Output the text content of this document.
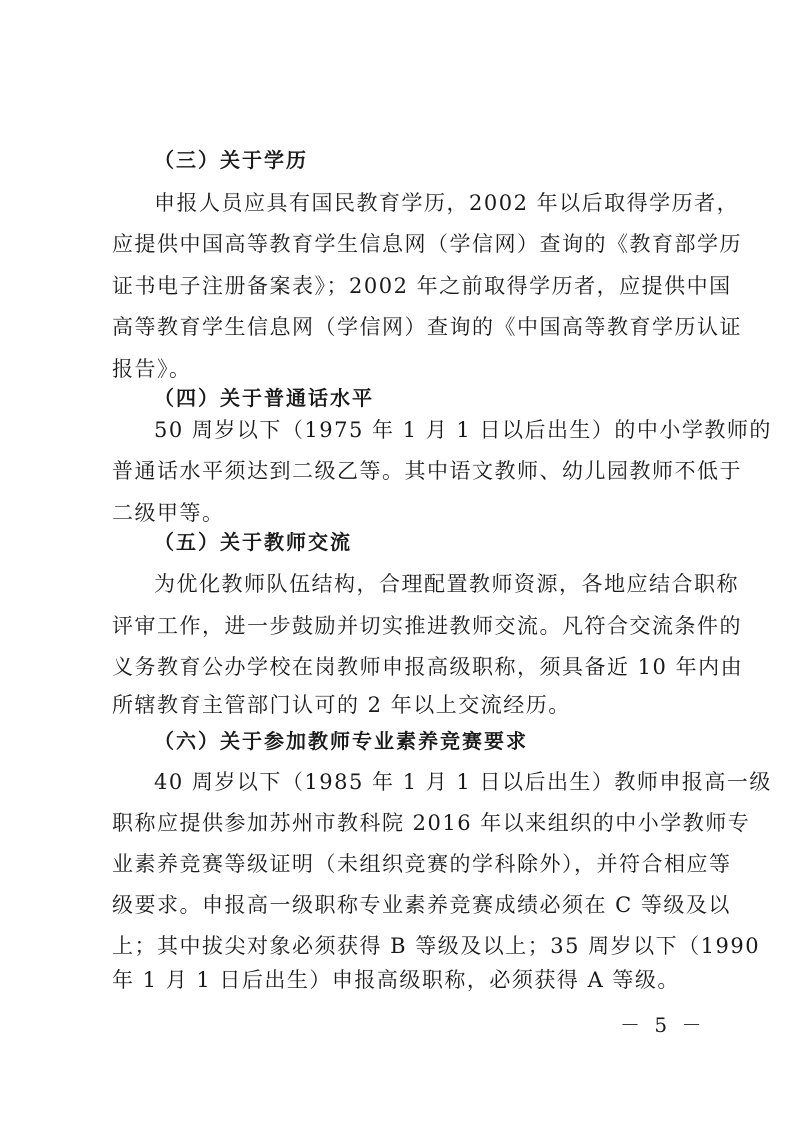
（三）关于学历
申报人员应具有国民教育学历，2002 年以后取得学历者，
应提供中国高等教育学生信息网（学信网）查询的《教育部学历
证书电子注册备案表》；2002 年之前取得学历者，应提供中国
高等教育学生信息网（学信网）查询的《中国高等教育学历认证
报告》。
（四）关于普通话水平
50 周岁以下（1975 年 1 月 1 日以后出生）的中小学教师的
普通话水平须达到二级乙等。其中语文教师、幼儿园教师不低于
二级甲等。
（五）关于教师交流
为优化教师队伍结构，合理配置教师资源，各地应结合职称
评审工作，进一步鼓励并切实推进教师交流。凡符合交流条件的
义务教育公办学校在岗教师申报高级职称，须具备近 10 年内由
所辖教育主管部门认可的 2 年以上交流经历。
（六）关于参加教师专业素养竞赛要求
40 周岁以下（1985 年 1 月 1 日以后出生）教师申报高一级
职称应提供参加苏州市教科院 2016 年以来组织的中小学教师专
业素养竞赛等级证明（未组织竞赛的学科除外），并符合相应等
级要求。申报高一级职称专业素养竞赛成绩必须在 C 等级及以
上；其中拔尖对象必须获得 B 等级及以上；35 周岁以下（1990
年 1 月 1 日后出生）申报高级职称，必须获得 A 等级。
－ 5 －
